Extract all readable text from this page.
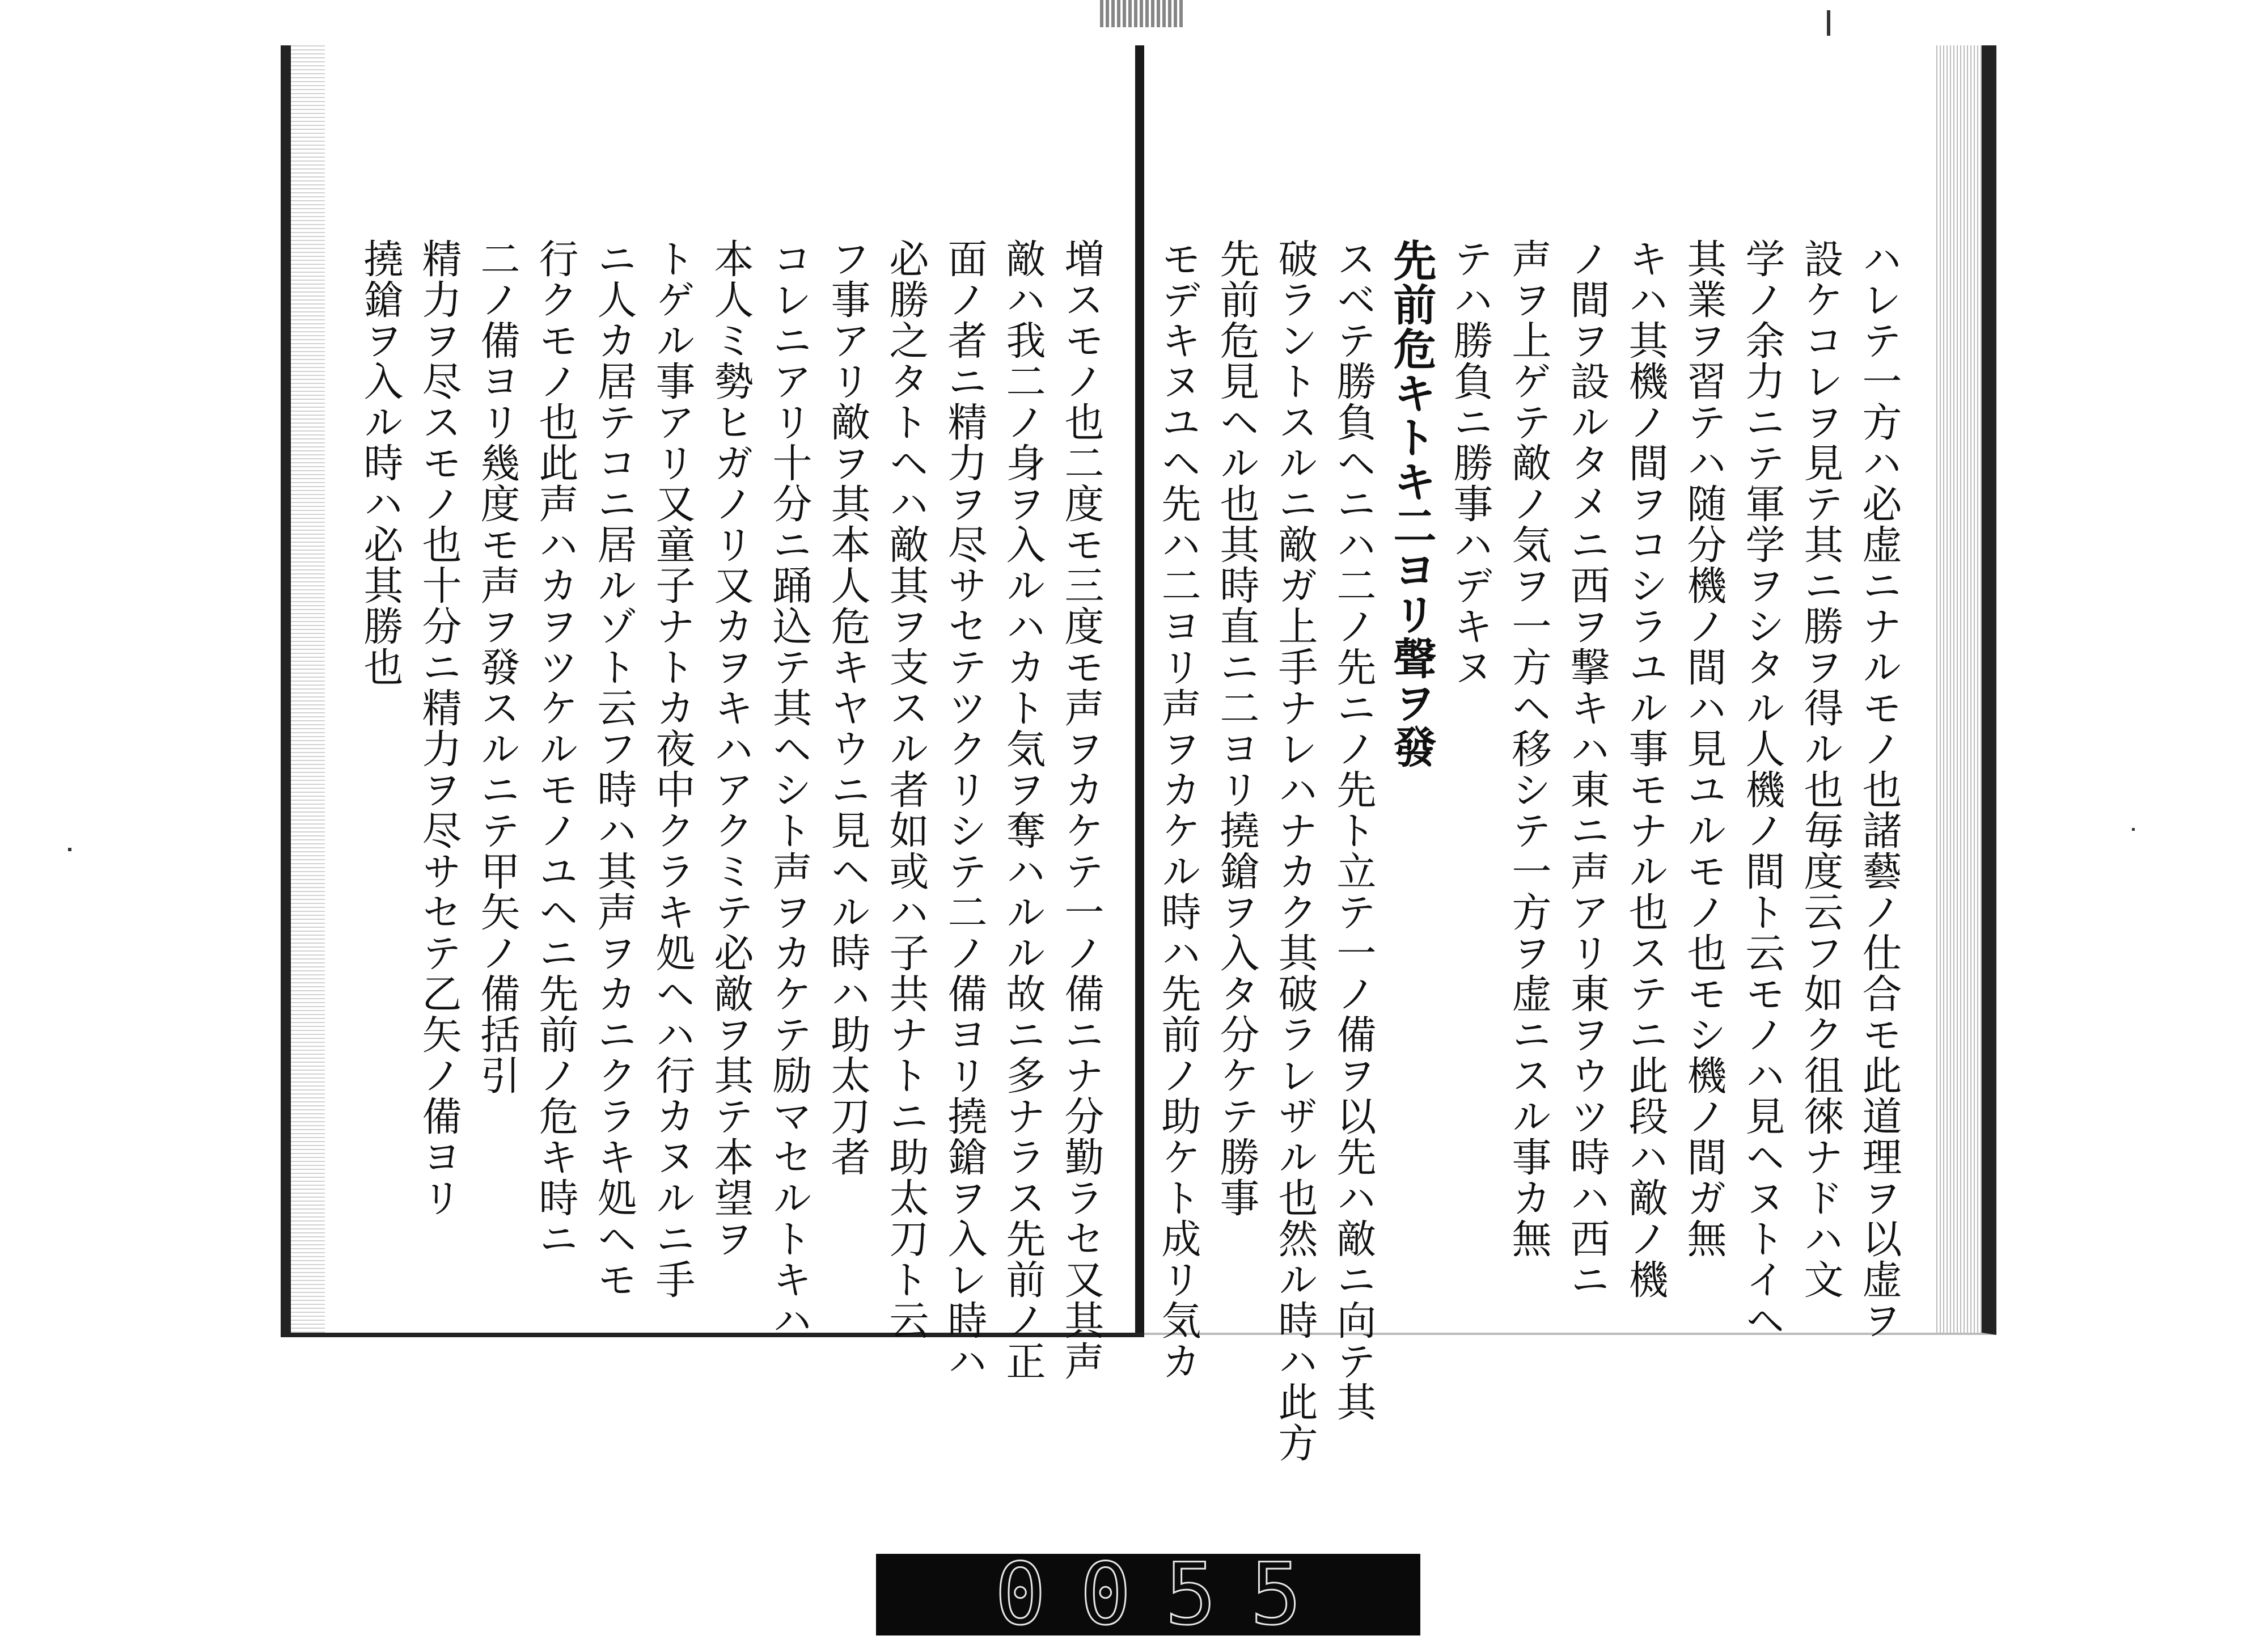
ハレテ一方ハ必虚ニナルモノ也諸藝ノ仕合モ此道理ヲ以虚ヲ
設ケコレヲ見テ其ニ勝ヲ得ル也毎度云フ如ク徂徠ナドハ文
学ノ余力ニテ軍学ヲシタル人機ノ間ト云モノハ見ヘヌトイヘ
其業ヲ習テハ随分機ノ間ハ見ユルモノ也モシ機ノ間ガ無
キハ其機ノ間ヲコシラユル事モナル也ステニ此段ハ敵ノ機
ノ間ヲ設ルタメニ西ヲ撃キハ東ニ声アリ東ヲウツ時ハ西ニ
声ヲ上ゲテ敵ノ気ヲ一方ヘ移シテ一方ヲ虚ニスル事カ無
テハ勝負ニ勝事ハデキヌ
先前危キトキ二ヨリ聲ヲ發
スベテ勝負ヘニハ二ノ先ニノ先ト立テ一ノ備ヲ以先ハ敵ニ向テ其
破ラントスルニ敵ガ上手ナレハナカク其破ラレザル也然ル時ハ此方
先前危見ヘル也其時直ニ二ヨリ撓鎗ヲ入タ分ケテ勝事
モデキヌユヘ先ハ二ヨリ声ヲカケル時ハ先前ノ助ケト成リ気カ
増スモノ也二度モ三度モ声ヲカケテ一ノ備ニナ分勤ラセ又其声
敵ハ我二ノ身ヲ入ルハカト気ヲ奪ハルル故ニ多ナラス先前ノ正
面ノ者ニ精力ヲ尽サセテツクリシテ二ノ備ヨリ撓鎗ヲ入レ時ハ
必勝之タトヘハ敵其ヲ支スル者如或ハ子共ナトニ助太刀ト云
フ事アリ敵ヲ其本人危キヤウニ見ヘル時ハ助太刀者
コレニアリ十分ニ踊込テ其ヘシト声ヲカケテ励マセルトキハ
本人ミ勢ヒガノリ又カヲキハアクミテ必敵ヲ其テ本望ヲ
トゲル事アリ又童子ナトカ夜中クラキ処ヘハ行カヌルニ手
ニ人カ居テコニ居ルゾト云フ時ハ其声ヲカニクラキ処ヘモ
行クモノ也此声ハカヲツケルモノユヘニ先前ノ危キ時ニ
二ノ備ヨリ幾度モ声ヲ發スルニテ甲矢ノ備括引
精力ヲ尽スモノ也十分ニ精力ヲ尽サセテ乙矢ノ備ヨリ
撓鎗ヲ入ル時ハ必其勝也
0055
